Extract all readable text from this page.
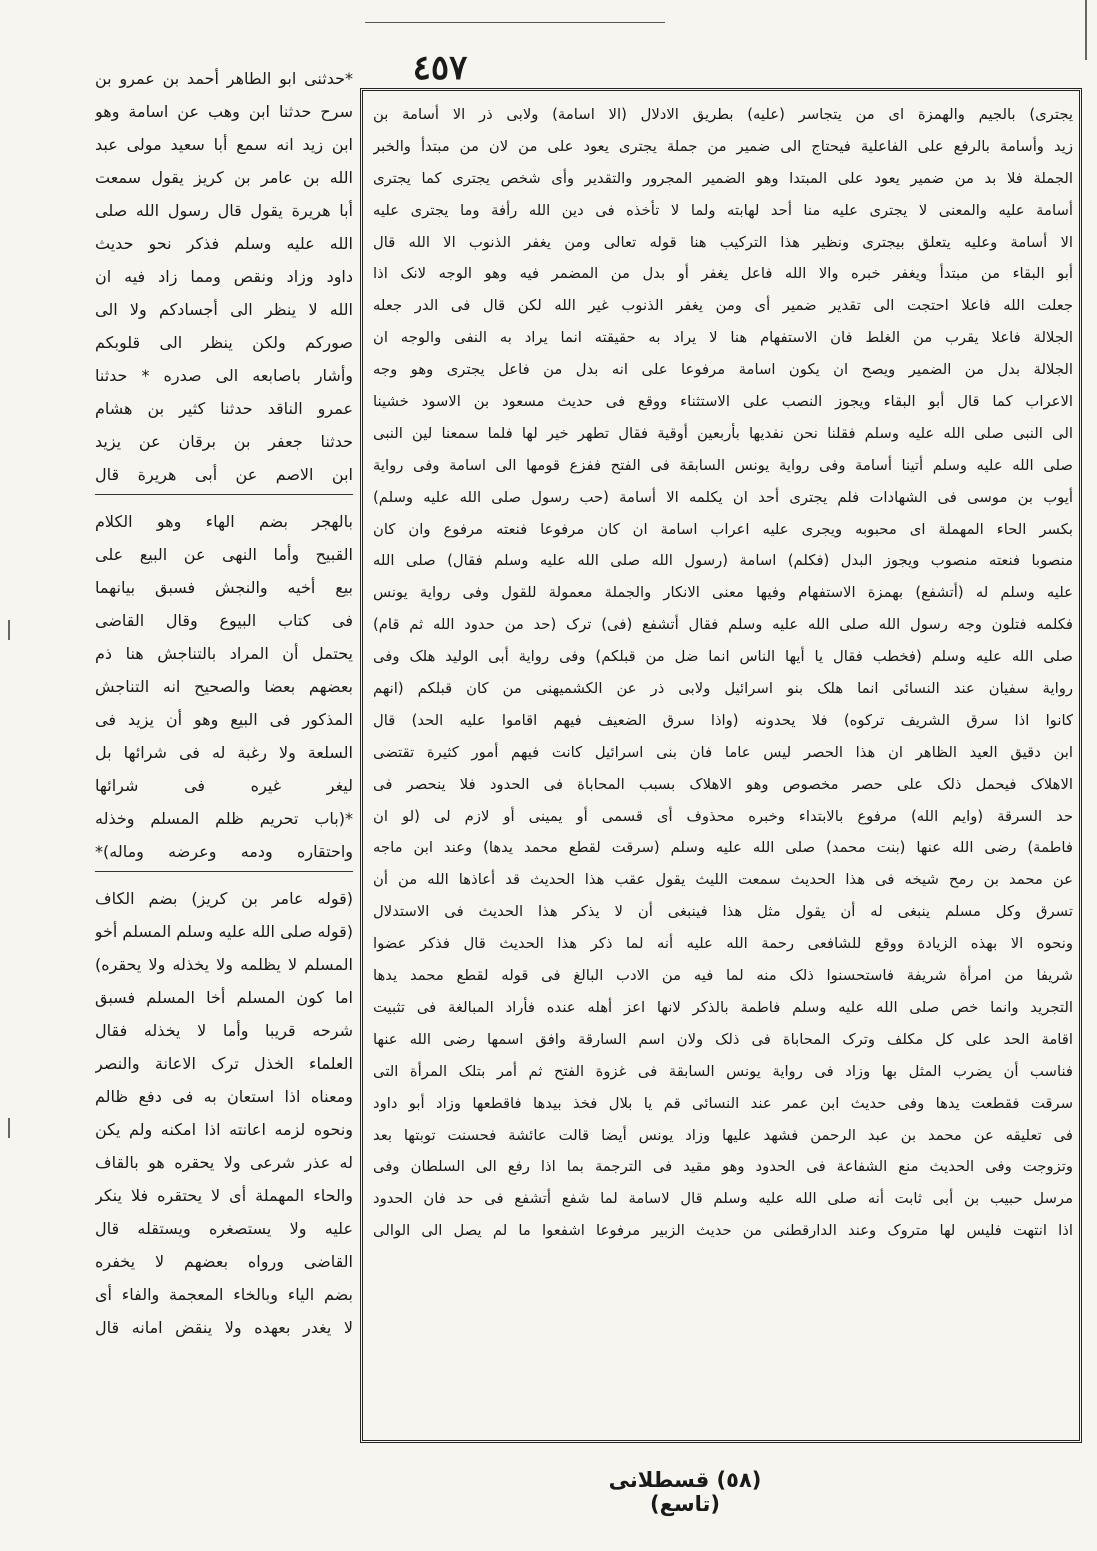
٤٥٧
*حدثنی ابو الطاهر أحمد بن عمرو بن
سرح حدثنا ابن وهب عن اسامة وهو
ابن زید انه سمع أبا سعید مولی عبد
الله بن عامر بن کریز یقول سمعت
أبا هریرة یقول قال رسول الله صلی
الله علیه وسلم فذکر نحو حدیث
داود وزاد ونقص ومما زاد فیه ان
الله لا ینظر الی أجسادکم ولا الی
صورکم ولکن ینظر الی قلوبکم
وأشار باصابعه الی صدره * حدثنا
عمرو الناقد حدثنا کثیر بن هشام
حدثنا جعفر بن برقان عن یزید
ابن الاصم عن أبی هریرة قال
بالهجر بضم الهاء وهو الکلام
القبیح وأما النهی عن البیع علی
بیع أخیه والنجش فسبق بیانهما
فی کتاب البیوع وقال القاضی
یحتمل أن المراد بالتناجش هنا ذم
بعضهم بعضا والصحیح انه التناجش
المذکور فی البیع وهو أن یزید فی
السلعة ولا رغبة له فی شرائها بل
لیغر غیره فی شرائها
*(باب تحریم ظلم المسلم وخذله
واحتقاره ودمه وعرضه وماله)*
(قوله عامر بن کریز) بضم الکاف
(قوله صلی الله علیه وسلم المسلم أخو
المسلم لا یظلمه ولا یخذله ولا یحقره)
اما کون المسلم أخا المسلم فسبق
شرحه قریبا وأما لا یخذله فقال
العلماء الخذل ترک الاعانة والنصر
ومعناه اذا استعان به فی دفع ظالم
ونحوه لزمه اعانته اذا امکنه ولم یکن
له عذر شرعی ولا یحقره هو بالقاف
والحاء المهملة أی لا یحتقره فلا ینکر
علیه ولا یستصغره ویستقله قال
القاضی ورواه بعضهم لا یخفره
بضم الیاء وبالخاء المعجمة والفاء أی
لا یغدر بعهده ولا ینقض امانه قال
یجتری) بالجیم والهمزة ای من یتجاسر (علیه) بطریق الادلال (الا اسامة) ولابی ذر الا أسامة بن
زید وأسامة بالرفع علی الفاعلیة فیحتاج الی ضمیر من جملة یجتری یعود علی من لان من مبتدأ والخبر
الجملة فلا بد من ضمیر یعود علی المبتدا وهو الضمیر المجرور والتقدیر وأی شخص یجتری کما یجتری
أسامة علیه والمعنی لا یجتری علیه منا أحد لهابته ولما لا تأخذه فی دین الله رأفة وما یجتری علیه
الا أسامة وعلیه یتعلق بیجتری ونظیر هذا الترکیب هنا قوله تعالی ومن یغفر الذنوب الا الله قال
أبو البقاء من مبتدأ ویغفر خبره والا الله فاعل یغفر أو بدل من المضمر فیه وهو الوجه لانک اذا
جعلت الله فاعلا احتجت الی تقدیر ضمیر أی ومن یغفر الذنوب غیر الله لکن قال فی الدر جعله
الجلالة فاعلا یقرب من الغلط فان الاستفهام هنا لا یراد به حقیقته انما یراد به النفی والوجه ان
الجلالة بدل من الضمیر ویصح ان یکون اسامة مرفوعا علی انه بدل من فاعل یجتری وهو وجه
الاعراب کما قال أبو البقاء ویجوز النصب علی الاستثناء ووقع فی حدیث مسعود بن الاسود خشینا
الی النبی صلی الله علیه وسلم فقلنا نحن نفدیها بأربعین أوقیة فقال تطهر خیر لها فلما سمعنا لین النبی
صلی الله علیه وسلم أتینا أسامة وفی روایة یونس السابقة فی الفتح ففزع قومها الی اسامة وفی روایة
أیوب بن موسی فی الشهادات فلم یجتری أحد ان یکلمه الا أسامة (حب رسول صلی الله علیه وسلم)
بکسر الحاء المهملة ای محبوبه ویجری علیه اعراب اسامة ان کان مرفوعا فنعته مرفوع وان کان
منصوبا فنعته منصوب ویجوز البدل (فکلم) اسامة (رسول الله صلی الله علیه وسلم فقال) صلی الله
علیه وسلم له (أتشفع) بهمزة الاستفهام وفیها معنی الانکار والجملة معمولة للقول وفی روایة یونس
فکلمه فتلون وجه رسول الله صلی الله علیه وسلم فقال أتشفع (فی) ترک (حد من حدود الله ثم قام)
صلی الله علیه وسلم (فخطب فقال یا أیها الناس انما ضل من قبلکم) وفی روایة أبی الولید هلک وفی
روایة سفیان عند النسائی انما هلک بنو اسرائیل ولابی ذر عن الکشمیهنی من کان قبلکم (انهم
کانوا اذا سرق الشریف ترکوه) فلا یحدونه (واذا سرق الضعیف فیهم اقاموا علیه الحد) قال
ابن دقیق العید الظاهر ان هذا الحصر لیس عاما فان بنی اسرائیل کانت فیهم أمور کثیرة تقتضی
الاهلاک فیحمل ذلک علی حصر مخصوص وهو الاهلاک بسبب المحاباة فی الحدود فلا ینحصر فی
حد السرقة (وایم الله) مرفوع بالابتداء وخبره محذوف أی قسمی أو یمینی أو لازم لی (لو ان
فاطمة) رضی الله عنها (بنت محمد) صلی الله علیه وسلم (سرقت لقطع محمد یدها) وعند ابن ماجه
عن محمد بن رمح شیخه فی هذا الحدیث سمعت اللیث یقول عقب هذا الحدیث قد أعاذها الله من أن
تسرق وکل مسلم ینبغی له أن یقول مثل هذا فینبغی أن لا یذکر هذا الحدیث فی الاستدلال
ونحوه الا بهذه الزیادة ووقع للشافعی رحمة الله علیه أنه لما ذکر هذا الحدیث قال فذکر عضوا
شریفا من امرأة شریفة فاستحسنوا ذلک منه لما فیه من الادب البالغ فی قوله لقطع محمد یدها
التجرید وانما خص صلی الله علیه وسلم فاطمة بالذکر لانها اعز أهله عنده فأراد المبالغة فی تثبیت
اقامة الحد علی کل مکلف وترک المحاباة فی ذلک ولان اسم السارقة وافق اسمها رضی الله عنها
فناسب أن یضرب المثل بها وزاد فی روایة یونس السابقة فی غزوة الفتح ثم أمر بتلک المرأة التی
سرقت فقطعت یدها وفی حدیث ابن عمر عند النسائی قم یا بلال فخذ بیدها فاقطعها وزاد أبو داود
فی تعلیقه عن محمد بن عبد الرحمن فشهد علیها وزاد یونس أیضا قالت عائشة فحسنت توبتها بعد
وتزوجت وفی الحدیث منع الشفاعة فی الحدود وهو مقید فی الترجمة بما اذا رفع الی السلطان وفی
مرسل حبیب بن أبی ثابت أنه صلی الله علیه وسلم قال لاسامة لما شفع أتشفع فی حد فان الحدود
اذا انتهت فلیس لها متروک وعند الدارقطنی من حدیث الزبیر مرفوعا اشفعوا ما لم یصل الی الوالی
(٥٨) قسطلانی (تاسع)
